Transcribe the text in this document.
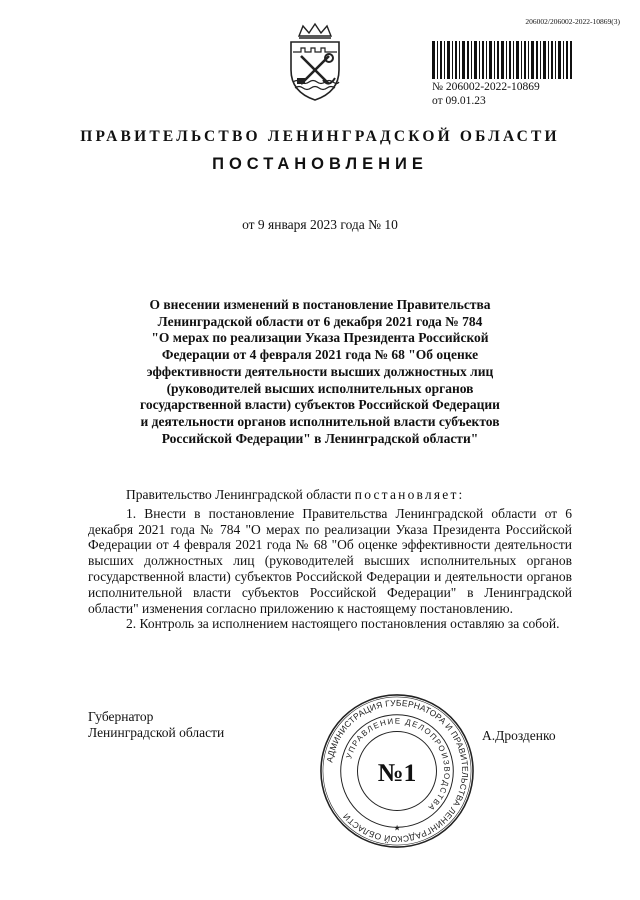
206002/206002-2022-10869(3)
№ 206002-2022-10869
от 09.01.23
ПРАВИТЕЛЬСТВО ЛЕНИНГРАДСКОЙ ОБЛАСТИ
ПОСТАНОВЛЕНИЕ
от 9 января 2023 года № 10
О внесении изменений в постановление Правительства
Ленинградской области от 6 декабря 2021 года № 784
"О мерах по реализации Указа Президента Российской
Федерации от 4 февраля 2021 года № 68 "Об оценке
эффективности деятельности высших должностных лиц
(руководителей высших исполнительных органов
государственной власти) субъектов Российской Федерации
и деятельности органов исполнительной власти субъектов
Российской Федерации" в Ленинградской области"

Правительство Ленинградской области постановляет:

1. Внести в постановление Правительства Ленинградской области от 6 декабря 2021 года № 784 "О мерах по реализации Указа Президента Российской Федерации от 4 февраля 2021 года № 68 "Об оценке эффективности деятельности высших должностных лиц (руководителей высших исполнительных органов государственной власти) субъектов Российской Федерации и деятельности органов исполнительной власти субъектов Российской Федерации" в Ленинградской области" изменения согласно приложению к настоящему постановлению.

2. Контроль за исполнением настоящего постановления оставляю за собой.

Губернатор
Ленинградской области	А.Дрозденко
АДМИНИСТРАЦИЯ ГУБЕРНАТОРА И ПРАВИТЕЛЬСТВА ЛЕНИНГРАДСКОЙ ОБЛАСТИ
УПРАВЛЕНИЕ ДЕЛОПРОИЗВОДСТВА
№1
★
